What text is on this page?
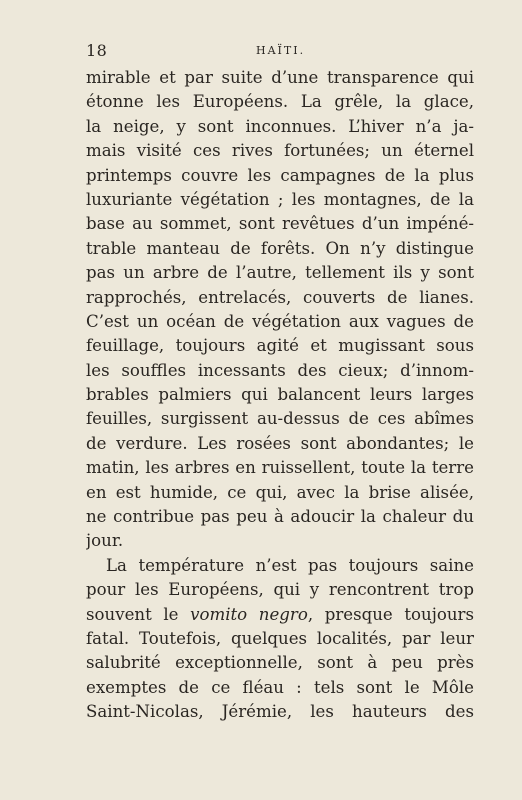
18	HAÏTI.
mirable et par suite d’une transparence qui
étonne les Européens. La grêle, la glace,
la neige, y sont inconnues. L’hiver n’a ja-
mais visité ces rives fortunées; un éternel
printemps couvre les campagnes de la plus
luxuriante végétation ; les montagnes, de la
base au sommet, sont revêtues d’un impéné-
trable manteau de forêts. On n’y distingue
pas un arbre de l’autre, tellement ils y sont
rapprochés, entrelacés, couverts de lianes.
C’est un océan de végétation aux vagues de
feuillage, toujours agité et mugissant sous
les souffles incessants des cieux; d’innom-
brables palmiers qui balancent leurs larges
feuilles, surgissent au-dessus de ces abîmes
de verdure. Les rosées sont abondantes; le
matin, les arbres en ruissellent, toute la terre
en est humide, ce qui, avec la brise alisée,
ne contribue pas peu à adoucir la chaleur du
jour.
La température n’est pas toujours saine
pour les Européens, qui y rencontrent trop
souvent le vomito negro, presque toujours
fatal. Toutefois, quelques localités, par leur
salubrité exceptionnelle, sont à peu près
exemptes de ce fléau : tels sont le Môle
Saint-Nicolas, Jérémie, les hauteurs des
